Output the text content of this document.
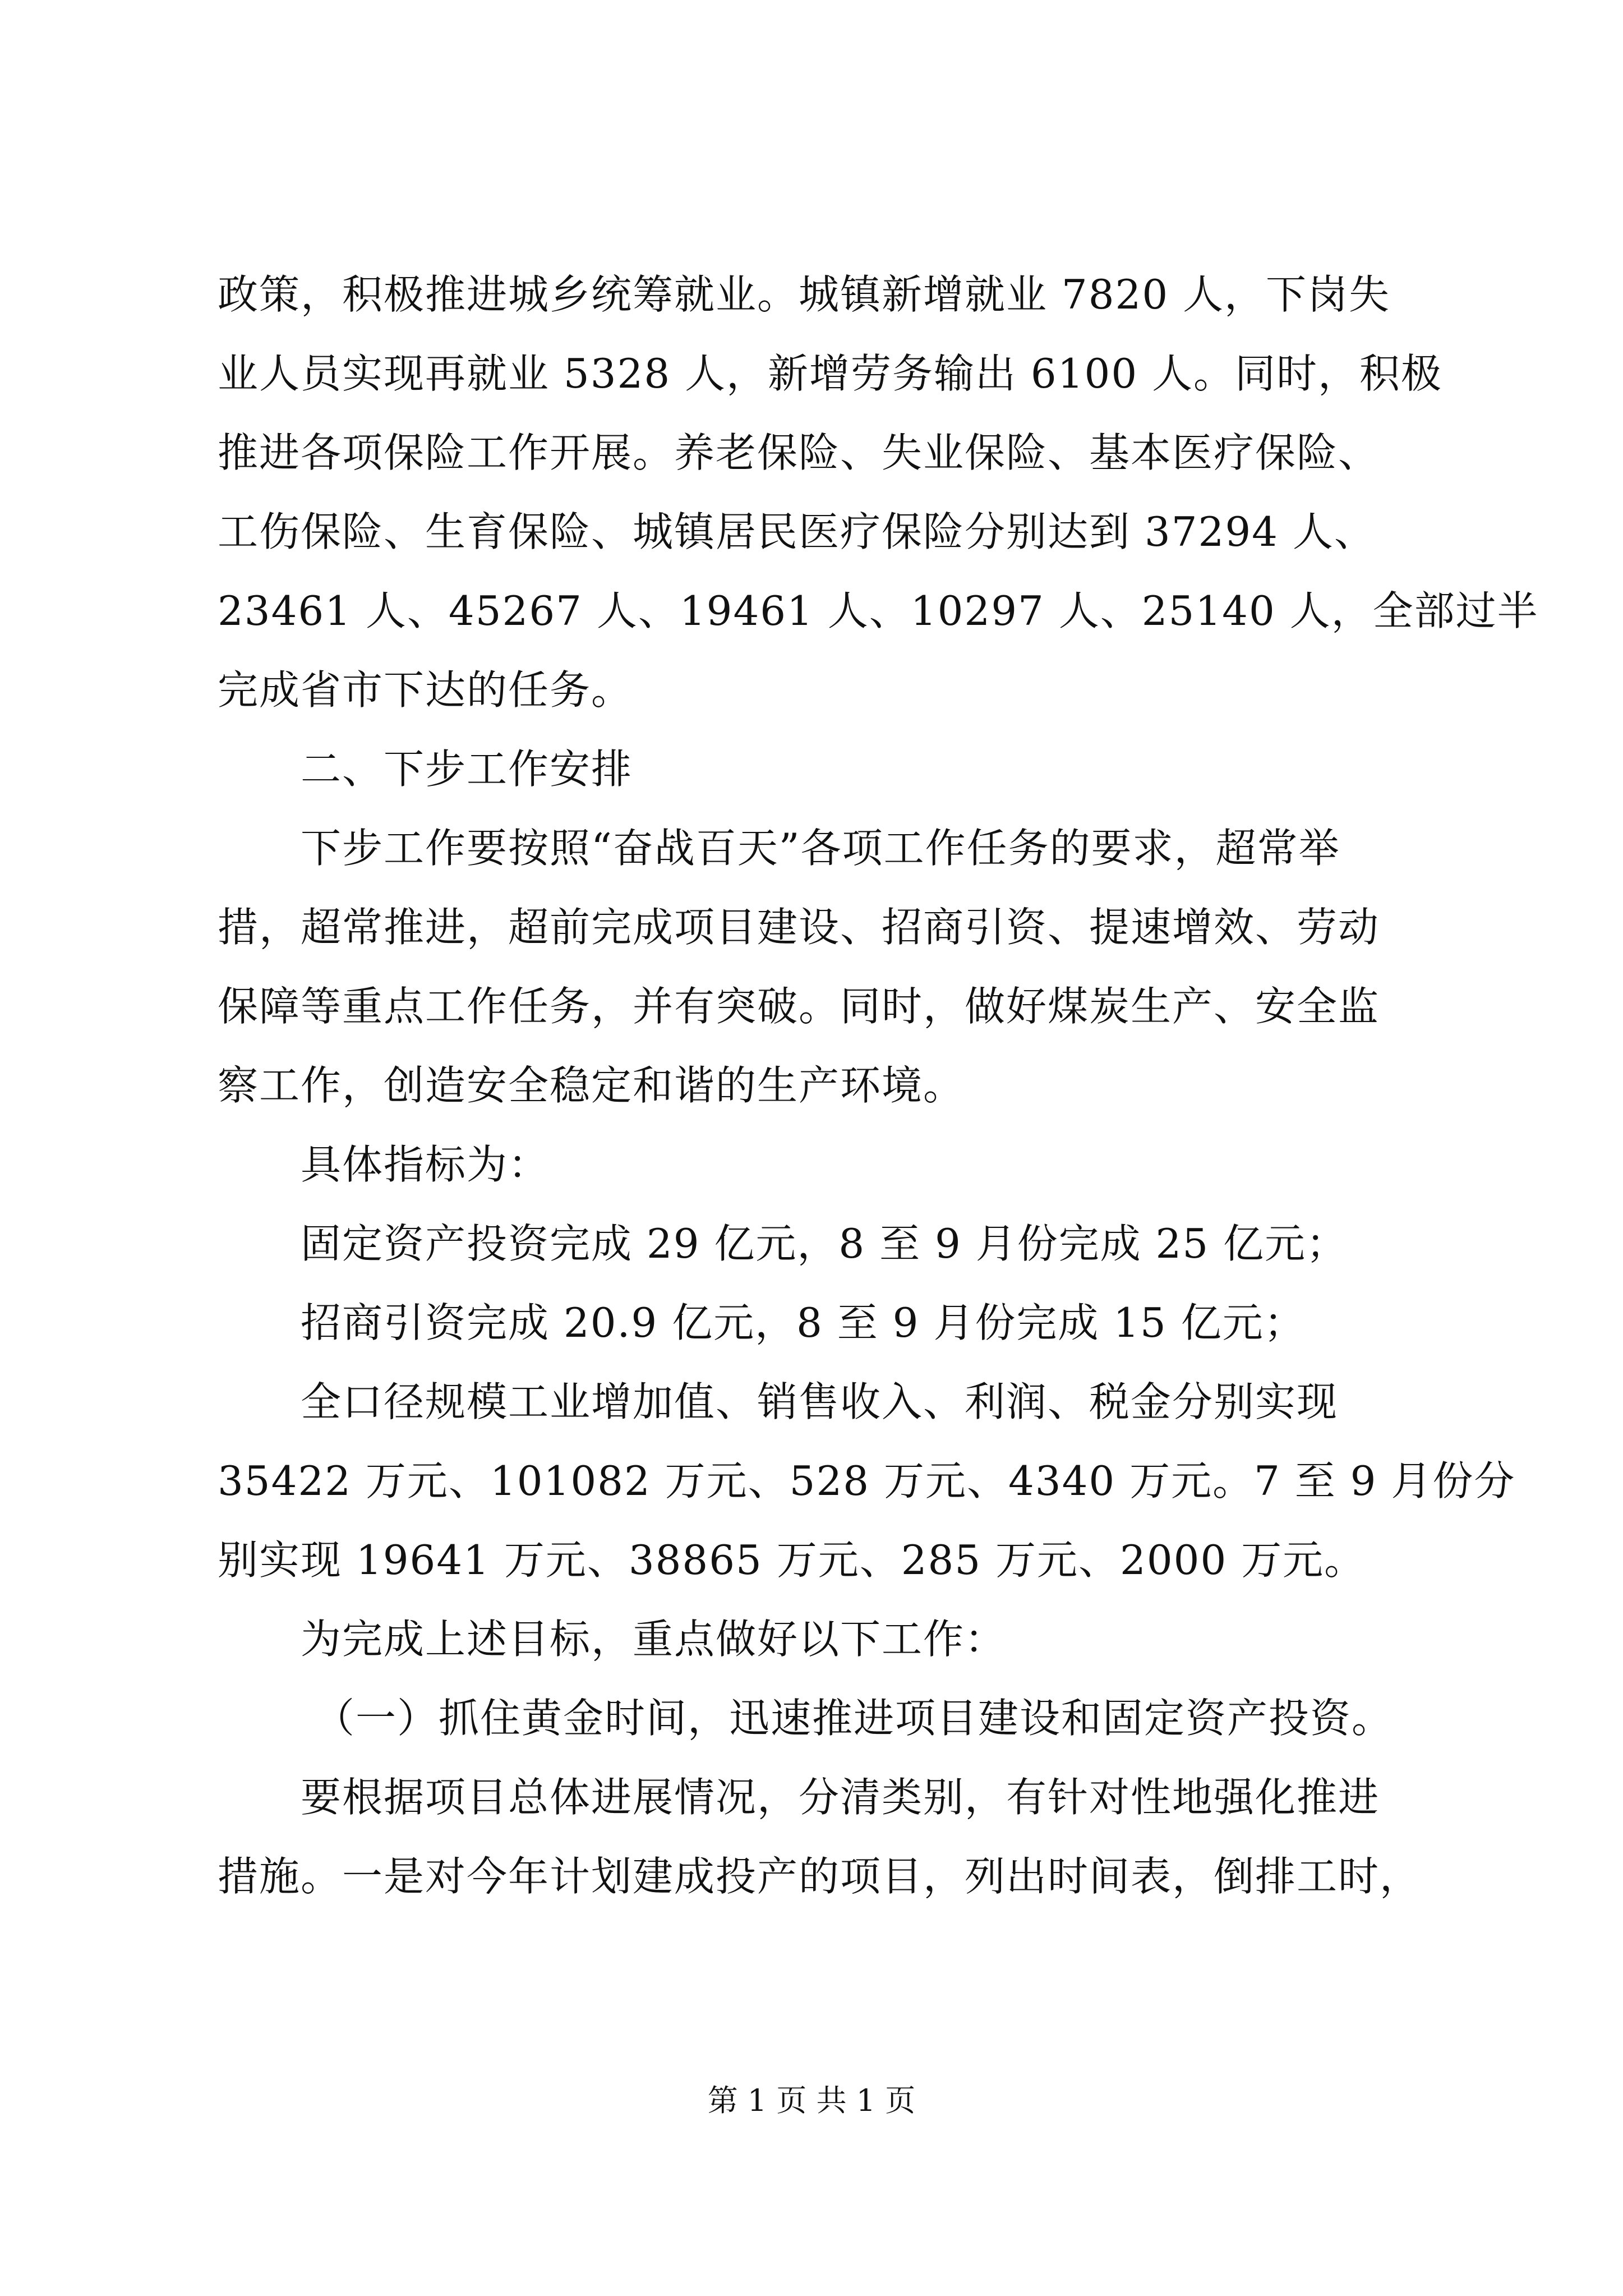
政策，积极推进城乡统筹就业。城镇新增就业 7820 人，下岗失
业人员实现再就业 5328 人，新增劳务输出 6100 人。同时，积极
推进各项保险工作开展。养老保险、失业保险、基本医疗保险、
工伤保险、生育保险、城镇居民医疗保险分别达到 37294 人、
23461 人、45267 人、19461 人、10297 人、25140 人，全部过半
完成省市下达的任务。
二、下步工作安排
下步工作要按照“奋战百天”各项工作任务的要求，超常举
措，超常推进，超前完成项目建设、招商引资、提速增效、劳动
保障等重点工作任务，并有突破。同时，做好煤炭生产、安全监
察工作，创造安全稳定和谐的生产环境。
具体指标为：
固定资产投资完成 29 亿元，8 至 9 月份完成 25 亿元；
招商引资完成 20.9 亿元，8 至 9 月份完成 15 亿元；
全口径规模工业增加值、销售收入、利润、税金分别实现
35422 万元、101082 万元、528 万元、4340 万元。7 至 9 月份分
别实现 19641 万元、38865 万元、285 万元、2000 万元。
为完成上述目标，重点做好以下工作：
（一）抓住黄金时间，迅速推进项目建设和固定资产投资。
要根据项目总体进展情况，分清类别，有针对性地强化推进
措施。一是对今年计划建成投产的项目，列出时间表，倒排工时，
第 1 页 共 1 页
